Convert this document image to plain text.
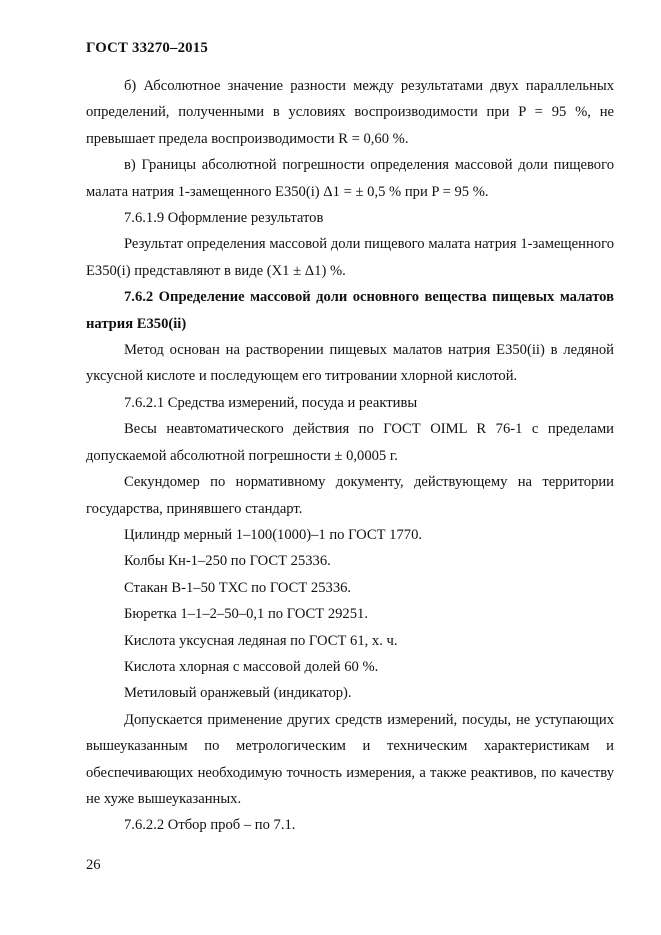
ГОСТ 33270–2015

б) Абсолютное значение разности между результатами двух параллельных определений, полученными в условиях воспроизводимости при P = 95 %, не превышает предела воспроизводимости R = 0,60 %.

в) Границы абсолютной погрешности определения массовой доли пищевого малата натрия 1-замещенного Е350(i) Δ1 = ± 0,5 % при P = 95 %.

7.6.1.9 Оформление результатов

Результат определения массовой доли пищевого малата натрия 1-замещенного Е350(i) представляют в виде (X1 ± Δ1) %.

7.6.2 Определение массовой доли основного вещества пищевых малатов натрия Е350(ii)

Метод основан на растворении пищевых малатов натрия Е350(ii) в ледяной уксусной кислоте и последующем его титровании хлорной кислотой.

7.6.2.1 Средства измерений, посуда и реактивы

Весы неавтоматического действия по ГОСТ OIML R 76-1 с пределами допускаемой абсолютной погрешности ± 0,0005 г.

Секундомер по нормативному документу, действующему на территории государства, принявшего стандарт.

Цилиндр мерный 1–100(1000)–1 по ГОСТ 1770.

Колбы Кн-1–250 по ГОСТ 25336.

Стакан В-1–50 ТХС по ГОСТ 25336.

Бюретка 1–1–2–50–0,1 по ГОСТ 29251.

Кислота уксусная ледяная по ГОСТ 61, х. ч.

Кислота хлорная с массовой долей 60 %.

Метиловый оранжевый (индикатор).

Допускается применение других средств измерений, посуды, не уступающих вышеуказанным по метрологическим и техническим характеристикам и обеспечивающих необходимую точность измерения, а также реактивов, по качеству не хуже вышеуказанных.

7.6.2.2 Отбор проб – по 7.1.

26
